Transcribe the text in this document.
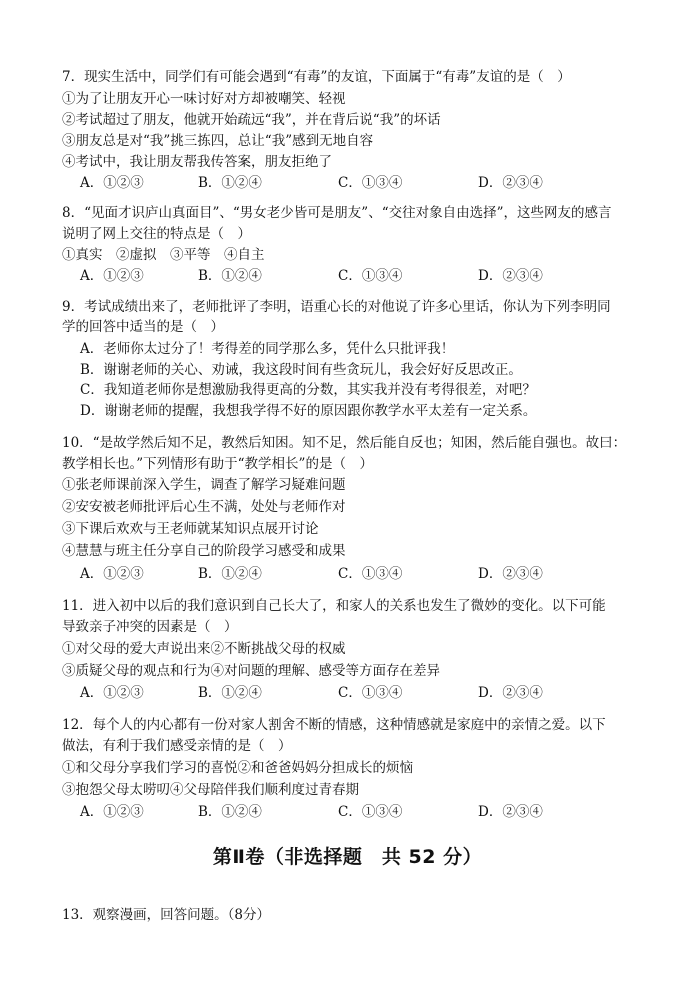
7．现实生活中，同学们有可能会遇到“有毒”的友谊，下面属于“有毒”友谊的是（　）
①为了让朋友开心一味讨好对方却被嘲笑、轻视
②考试超过了朋友，他就开始疏远“我”，并在背后说“我”的坏话
③朋友总是对“我”挑三拣四，总让“我”感到无地自容
④考试中，我让朋友帮我传答案，朋友拒绝了
A．①②③	B．①②④	C．①③④	D．②③④
8．“见面才识庐山真面目”、“男女老少皆可是朋友”、“交往对象自由选择”，这些网友的感言
说明了网上交往的特点是（　）
①真实　②虚拟　③平等　④自主
A．①②③	B．①②④	C．①③④	D．②③④
9．考试成绩出来了，老师批评了李明，语重心长的对他说了许多心里话，你认为下列李明同
学的回答中适当的是（　）
A．老师你太过分了！考得差的同学那么多，凭什么只批评我！
B．谢谢老师的关心、劝诫，我这段时间有些贪玩儿，我会好好反思改正。
C．我知道老师你是想激励我得更高的分数，其实我并没有考得很差，对吧？
D．谢谢老师的提醒，我想我学得不好的原因跟你教学水平太差有一定关系。
10．“是故学然后知不足，教然后知困。知不足，然后能自反也；知困，然后能自强也。故曰：
教学相长也。”下列情形有助于“教学相长”的是（　）
①张老师课前深入学生，调查了解学习疑难问题
②安安被老师批评后心生不满，处处与老师作对
③下课后欢欢与王老师就某知识点展开讨论
④慧慧与班主任分享自己的阶段学习感受和成果
A．①②③	B．①②④	C．①③④	D．②③④
11．进入初中以后的我们意识到自己长大了，和家人的关系也发生了微妙的变化。以下可能
导致亲子冲突的因素是（　）
①对父母的爱大声说出来②不断挑战父母的权威
③质疑父母的观点和行为④对问题的理解、感受等方面存在差异
A．①②③	B．①②④	C．①③④	D．②③④
12．每个人的内心都有一份对家人割舍不断的情感，这种情感就是家庭中的亲情之爱。以下
做法，有利于我们感受亲情的是（　）
①和父母分享我们学习的喜悦②和爸爸妈妈分担成长的烦恼
③抱怨父母太唠叨④父母陪伴我们顺利度过青春期
A．①②③	B．①②④	C．①③④	D．②③④
第Ⅱ卷（非选择题　共 52 分）
13．观察漫画，回答问题。（8分）
